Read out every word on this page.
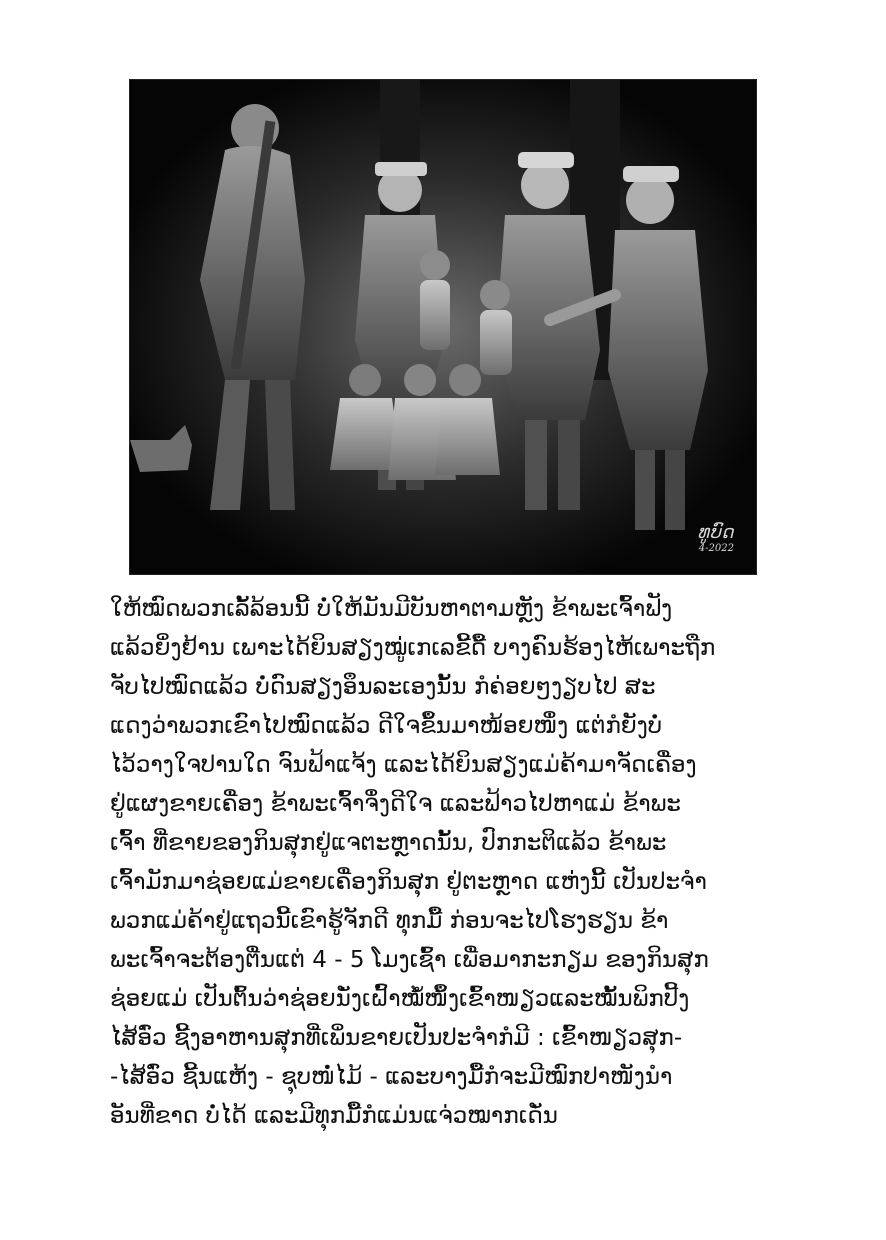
ທູບົດ
4-2022
ໃຫ້ໝົດພວກເລັ້ລ້ອນນີ້ ບໍ່ໃຫ້ມັນມີບັນຫາຕາມຫຼັງ ຂ້າພະເຈົ້າຟັງ
ແລ້ວຍິ່ງຢ້ານ ເພາະໄດ້ຍິນສຽງໝູ່ເກເລຂີ້ດື້ ບາງຄົນຮ້ອງໄຫ້ເພາະຖືກ
ຈັບໄປໝົດແລ້ວ ບໍ່ດົນສຽງອຶນລະເອງນັ້ນ ກໍຄ່ອຍໆງຽບໄປ ສະ
ແດງວ່າພວກເຂົາໄປໝົດແລ້ວ ດີໃຈຂຶ້ນມາໜ້ອຍໜຶ່ງ ແຕ່ກໍຍັງບໍ່
ໄວ້ວາງໃຈປານໃດ ຈົນຟ້າແຈ້ງ ແລະໄດ້ຍິນສຽງແມ່ຄ້າມາຈັດເຄື່ອງ
ຢູ່ແຜງຂາຍເຄື່ອງ ຂ້າພະເຈົ້າຈຶ່ງດີໃຈ ແລະຟ້າວໄປຫາແມ່ ຂ້າພະ
ເຈົ້າ ທີ່ຂາຍຂອງກິນສຸກຢູ່ແຈຕະຫຼາດນັ້ນ, ປົກກະຕິແລ້ວ ຂ້າພະ
ເຈົ້າມັກມາຊ່ອຍແມ່ຂາຍເຄື່ອງກິນສຸກ ຢູ່ຕະຫຼາດ ແຫ່ງນີ້ ເປັນປະຈໍາ
ພວກແມ່ຄ້າຢູ່ແຖວນີ້ເຂົາຮູ້ຈັກດີ ທຸກມື້ ກ່ອນຈະໄປໂຮງຮຽນ ຂ້າ
ພະເຈົ້າຈະຕ້ອງຕື່ນແຕ່ 4 - 5 ໂມງເຊົ້າ ເພື່ອມາກະກຽມ ຂອງກິນສຸກ
ຊ່ອຍແມ່ ເປັນຕົ້ນວ່າຊ່ອຍນັ່ງເຝົ້າໝໍ້ໜຶ້ງເຂົ້າໜຽວແລະໝັ້ນພິກປີ້ງ
ໄສ້ອົ່ວ ຊີ້ງອາຫານສຸກທີ່ເພິ່ນຂາຍເປັນປະຈໍາກໍມີ : ເຂົ້າໜຽວສຸກ-
-ໄສ້ອົ່ວ ຊີ້ນແຫ້ງ - ຊຸບໜໍ່ໄມ້ - ແລະບາງມື້ກໍຈະມີໝົກປາໜັງນໍາ
ອັນທີ່ຂາດ ບໍ່ໄດ້ ແລະມີທຸກມື້ກໍແມ່ນແຈ່ວໝາກເດັ່ນ
